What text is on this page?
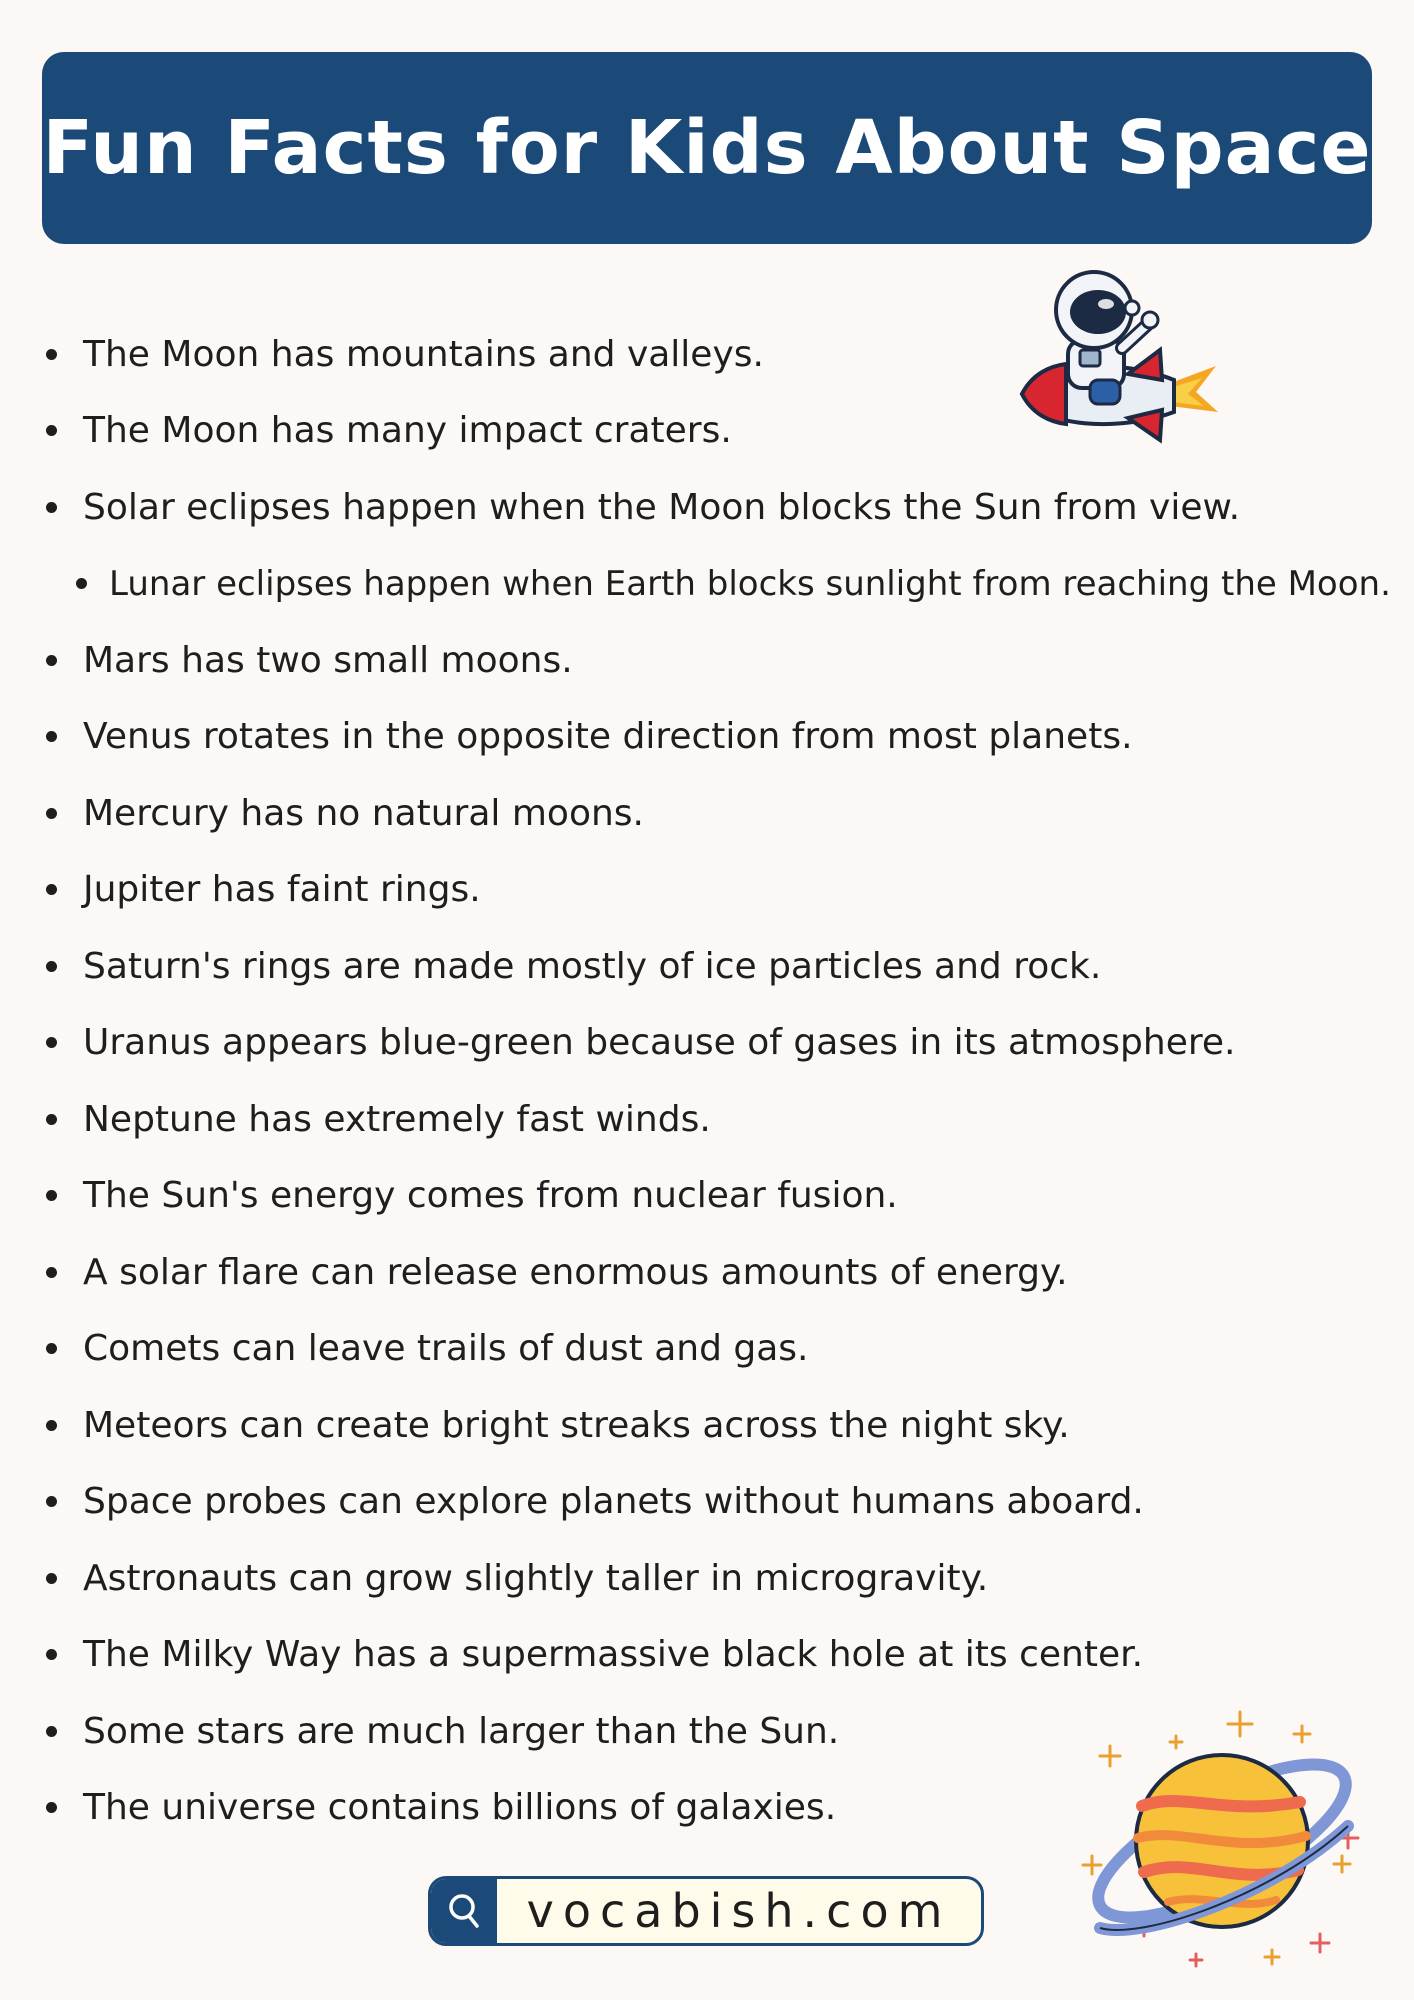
Fun Facts for Kids About Space
The Moon has mountains and valleys.
The Moon has many impact craters.
Solar eclipses happen when the Moon blocks the Sun from view.
Lunar eclipses happen when Earth blocks sunlight from reaching the Moon.
Mars has two small moons.
Venus rotates in the opposite direction from most planets.
Mercury has no natural moons.
Jupiter has faint rings.
Saturn's rings are made mostly of ice particles and rock.
Uranus appears blue-green because of gases in its atmosphere.
Neptune has extremely fast winds.
The Sun's energy comes from nuclear fusion.
A solar flare can release enormous amounts of energy.
Comets can leave trails of dust and gas.
Meteors can create bright streaks across the night sky.
Space probes can explore planets without humans aboard.
Astronauts can grow slightly taller in microgravity.
The Milky Way has a supermassive black hole at its center.
Some stars are much larger than the Sun.
The universe contains billions of galaxies.
vocabish.com
